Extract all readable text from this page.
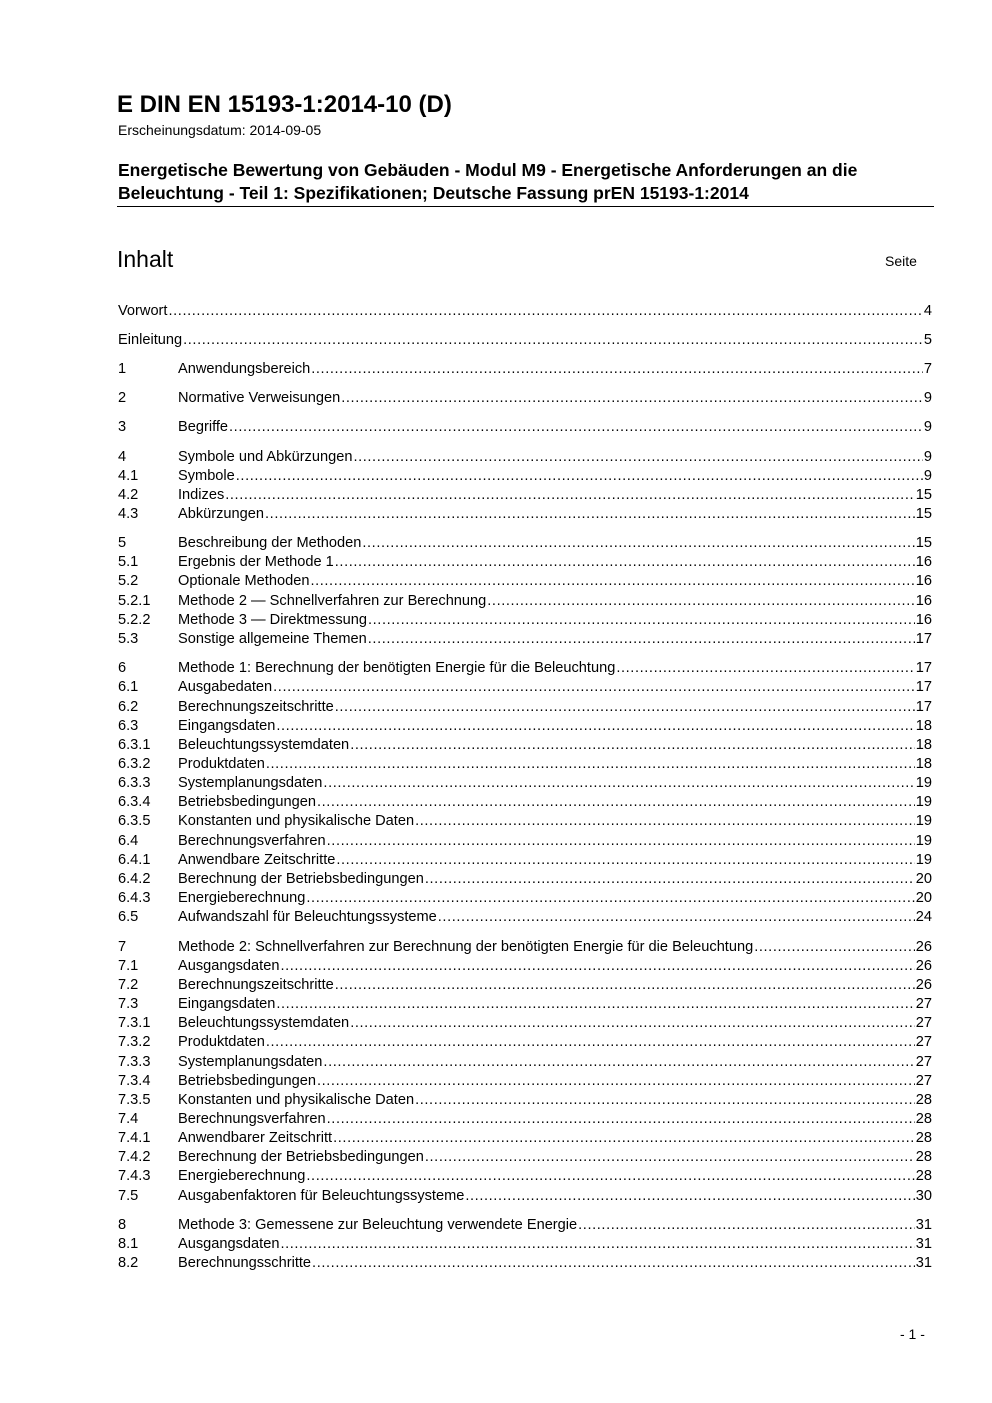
E DIN EN 15193-1:2014-10 (D)
Erscheinungsdatum: 2014-09-05
Energetische Bewertung von Gebäuden - Modul M9 - Energetische Anforderungen an die Beleuchtung - Teil 1: Spezifikationen; Deutsche Fassung prEN 15193-1:2014
Inhalt	Seite
Vorwort .....	4
Einleitung .....	5
1	Anwendungsbereich .....	7
2	Normative Verweisungen .....	9
3	Begriffe .....	9
4	Symbole und Abkürzungen .....	9
4.1	Symbole .....	9
4.2	Indizes .....	15
4.3	Abkürzungen .....	15
5	Beschreibung der Methoden .....	15
5.1	Ergebnis der Methode 1 .....	16
5.2	Optionale Methoden .....	16
5.2.1	Methode 2 — Schnellverfahren zur Berechnung .....	16
5.2.2	Methode 3 — Direktmessung .....	16
5.3	Sonstige allgemeine Themen .....	17
6	Methode 1: Berechnung der benötigten Energie für die Beleuchtung .....	17
6.1	Ausgabedaten .....	17
6.2	Berechnungszeitschritte .....	17
6.3	Eingangsdaten .....	18
6.3.1	Beleuchtungssystemdaten .....	18
6.3.2	Produktdaten .....	18
6.3.3	Systemplanungsdaten .....	19
6.3.4	Betriebsbedingungen .....	19
6.3.5	Konstanten und physikalische Daten .....	19
6.4	Berechnungsverfahren .....	19
6.4.1	Anwendbare Zeitschritte .....	19
6.4.2	Berechnung der Betriebsbedingungen .....	20
6.4.3	Energieberechnung .....	20
6.5	Aufwandszahl für Beleuchtungssysteme .....	24
7	Methode 2: Schnellverfahren zur Berechnung der benötigten Energie für die Beleuchtung .....	26
7.1	Ausgangsdaten .....	26
7.2	Berechnungszeitschritte .....	26
7.3	Eingangsdaten .....	27
7.3.1	Beleuchtungssystemdaten .....	27
7.3.2	Produktdaten .....	27
7.3.3	Systemplanungsdaten .....	27
7.3.4	Betriebsbedingungen .....	27
7.3.5	Konstanten und physikalische Daten .....	28
7.4	Berechnungsverfahren .....	28
7.4.1	Anwendbarer Zeitschritt .....	28
7.4.2	Berechnung der Betriebsbedingungen .....	28
7.4.3	Energieberechnung .....	28
7.5	Ausgabenfaktoren für Beleuchtungssysteme .....	30
8	Methode 3: Gemessene zur Beleuchtung verwendete Energie .....	31
8.1	Ausgangsdaten .....	31
8.2	Berechnungsschritte .....	31
- 1 -
